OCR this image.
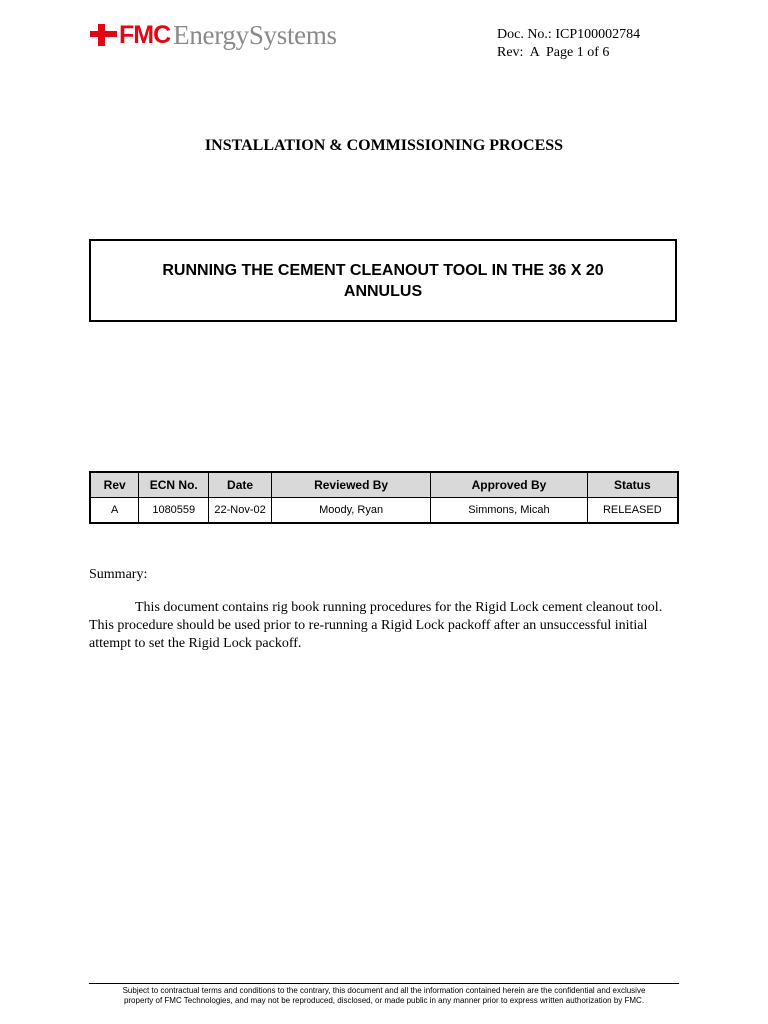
FMC EnergySystems	Doc. No.: ICP100002784
Rev:  A  Page 1 of 6
INSTALLATION & COMMISSIONING PROCESS
RUNNING THE CEMENT CLEANOUT TOOL IN THE 36 X 20 ANNULUS
Rev	ECN No.	Date	Reviewed By	Approved By	Status
A	1080559	22-Nov-02	Moody, Ryan	Simmons, Micah	RELEASED
Summary:
This document contains rig book running procedures for the Rigid Lock cement cleanout tool.  This procedure should be used prior to re-running a Rigid Lock packoff after an unsuccessful initial attempt to set the Rigid Lock packoff.
Subject to contractual terms and conditions to the contrary, this document and all the information contained herein are the confidential and exclusive
property of FMC Technologies, and may not be reproduced, disclosed, or made public in any manner prior to express written authorization by FMC.
